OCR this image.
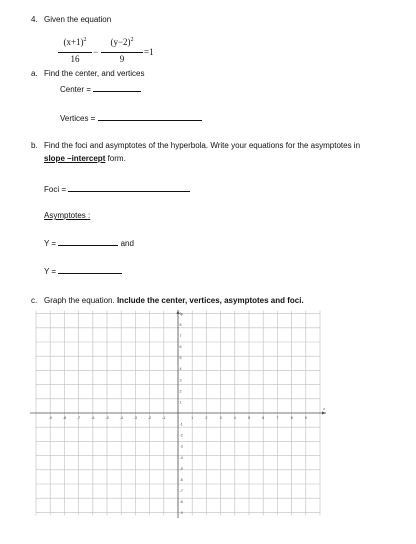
4. Given the equation
$(x+1)^2$
16
−
$(y-2)^2$
9
=1
a. Find the center, and vertices
Center =
Vertices =
b. Find the foci and asymptotes of the hyperbola. Write your equations for the asymptotes in
slope –intercept form.
Foci =
Asymptotes :
Y =	and
Y =
c. Graph the equation. Include the center, vertices, asymptotes and foci.
-9	-8	-7	-6	-5	-4	-3	-2	-1	1	2	3	4	5	6	7	8	9
9
8
7
6
5
4
3
2
1
-1
-2
-3
-4
-5
-6
-7
-8
-9
x
y
